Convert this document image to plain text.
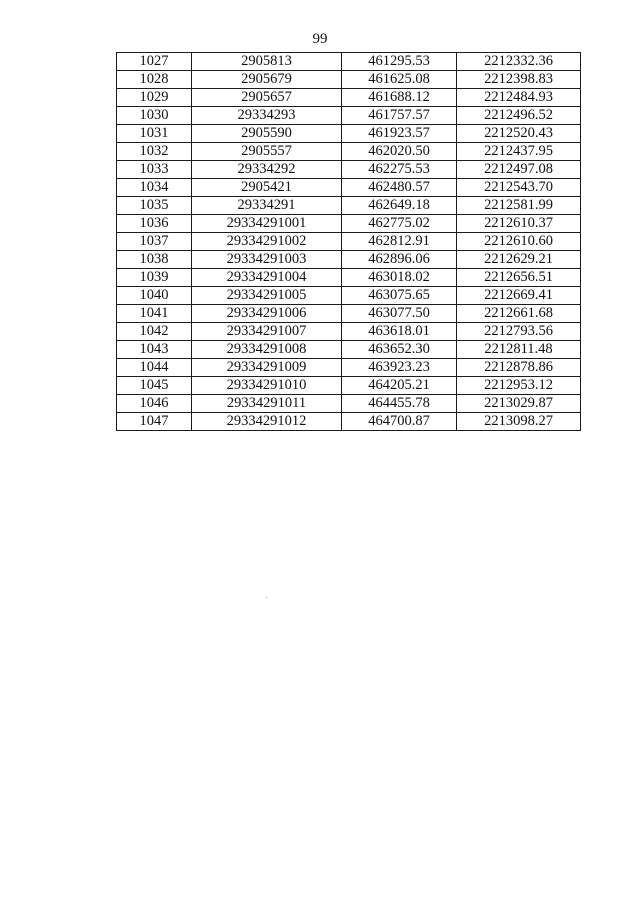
99
1027	2905813	461295.53	2212332.36
1028	2905679	461625.08	2212398.83
1029	2905657	461688.12	2212484.93
1030	29334293	461757.57	2212496.52
1031	2905590	461923.57	2212520.43
1032	2905557	462020.50	2212437.95
1033	29334292	462275.53	2212497.08
1034	2905421	462480.57	2212543.70
1035	29334291	462649.18	2212581.99
1036	29334291001	462775.02	2212610.37
1037	29334291002	462812.91	2212610.60
1038	29334291003	462896.06	2212629.21
1039	29334291004	463018.02	2212656.51
1040	29334291005	463075.65	2212669.41
1041	29334291006	463077.50	2212661.68
1042	29334291007	463618.01	2212793.56
1043	29334291008	463652.30	2212811.48
1044	29334291009	463923.23	2212878.86
1045	29334291010	464205.21	2212953.12
1046	29334291011	464455.78	2213029.87
1047	29334291012	464700.87	2213098.27
